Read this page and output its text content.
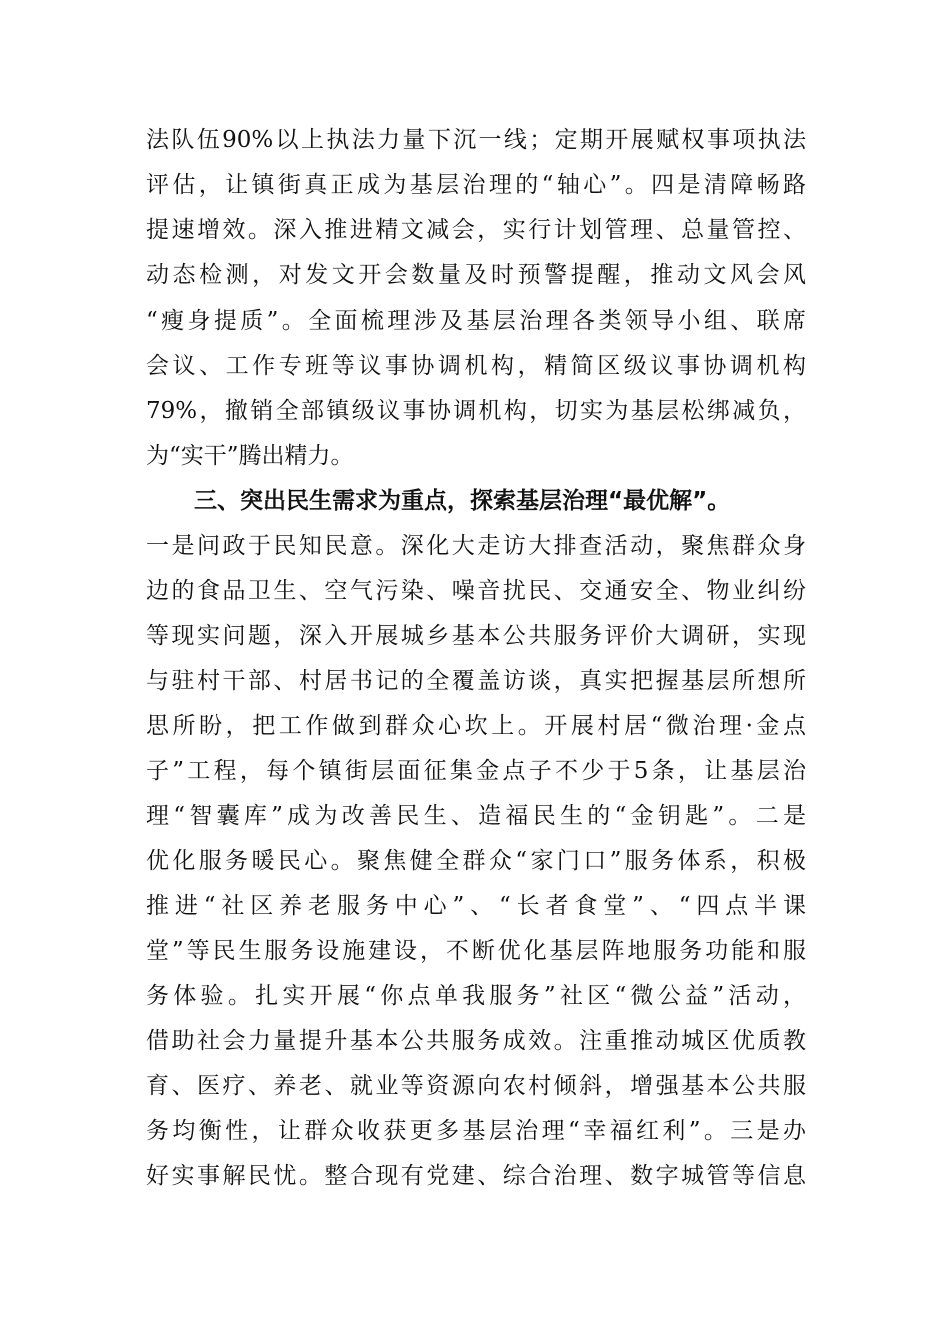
法队伍90%以上执法力量下沉一线；定期开展赋权事项执法
评估，让镇街真正成为基层治理的“轴心”。四是清障畅路
提速增效。深入推进精文减会，实行计划管理、总量管控、
动态检测，对发文开会数量及时预警提醒，推动文风会风
“瘦身提质”。全面梳理涉及基层治理各类领导小组、联席
会议、工作专班等议事协调机构，精简区级议事协调机构
79%，撤销全部镇级议事协调机构，切实为基层松绑减负，
为“实干”腾出精力。
三、突出民生需求为重点，探索基层治理“最优解”。
一是问政于民知民意。深化大走访大排查活动，聚焦群众身
边的食品卫生、空气污染、噪音扰民、交通安全、物业纠纷
等现实问题，深入开展城乡基本公共服务评价大调研，实现
与驻村干部、村居书记的全覆盖访谈，真实把握基层所想所
思所盼，把工作做到群众心坎上。开展村居“微治理·金点
子”工程，每个镇街层面征集金点子不少于5条，让基层治
理“智囊库”成为改善民生、造福民生的“金钥匙”。二是
优化服务暖民心。聚焦健全群众“家门口”服务体系，积极
推进“社区养老服务中心”、“长者食堂”、“四点半课
堂”等民生服务设施建设，不断优化基层阵地服务功能和服
务体验。扎实开展“你点单我服务”社区“微公益”活动，
借助社会力量提升基本公共服务成效。注重推动城区优质教
育、医疗、养老、就业等资源向农村倾斜，增强基本公共服
务均衡性，让群众收获更多基层治理“幸福红利”。三是办
好实事解民忧。整合现有党建、综合治理、数字城管等信息
